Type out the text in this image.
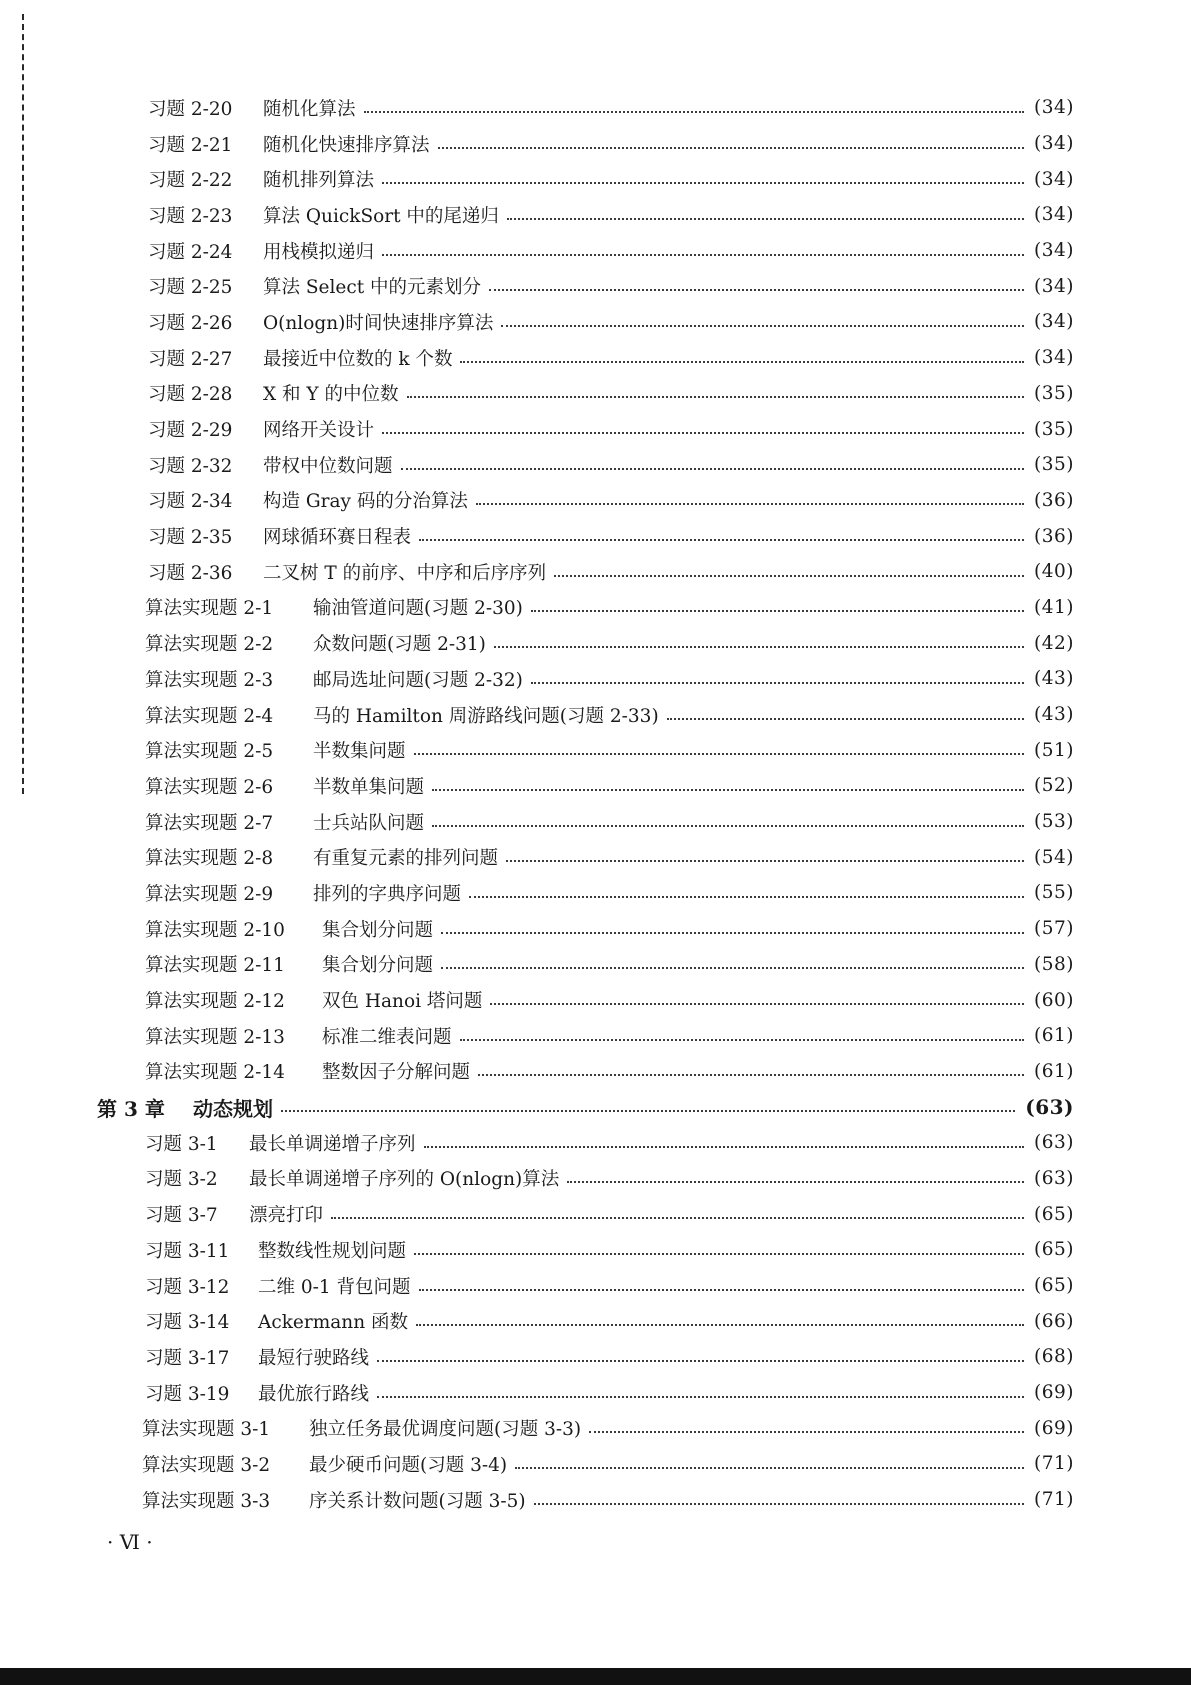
习题 2-20	随机化算法	(34)
习题 2-21	随机化快速排序算法	(34)
习题 2-22	随机排列算法	(34)
习题 2-23	算法 QuickSort 中的尾递归	(34)
习题 2-24	用栈模拟递归	(34)
习题 2-25	算法 Select 中的元素划分	(34)
习题 2-26	O(nlogn)时间快速排序算法	(34)
习题 2-27	最接近中位数的 k 个数	(34)
习题 2-28	X 和 Y 的中位数	(35)
习题 2-29	网络开关设计	(35)
习题 2-32	带权中位数问题	(35)
习题 2-34	构造 Gray 码的分治算法	(36)
习题 2-35	网球循环赛日程表	(36)
习题 2-36	二叉树 T 的前序、中序和后序序列	(40)
算法实现题 2-1	输油管道问题(习题 2-30)	(41)
算法实现题 2-2	众数问题(习题 2-31)	(42)
算法实现题 2-3	邮局选址问题(习题 2-32)	(43)
算法实现题 2-4	马的 Hamilton 周游路线问题(习题 2-33)	(43)
算法实现题 2-5	半数集问题	(51)
算法实现题 2-6	半数单集问题	(52)
算法实现题 2-7	士兵站队问题	(53)
算法实现题 2-8	有重复元素的排列问题	(54)
算法实现题 2-9	排列的字典序问题	(55)
算法实现题 2-10	集合划分问题	(57)
算法实现题 2-11	集合划分问题	(58)
算法实现题 2-12	双色 Hanoi 塔问题	(60)
算法实现题 2-13	标准二维表问题	(61)
算法实现题 2-14	整数因子分解问题	(61)
第 3 章	动态规划	(63)
习题 3-1	最长单调递增子序列	(63)
习题 3-2	最长单调递增子序列的 O(nlogn)算法	(63)
习题 3-7	漂亮打印	(65)
习题 3-11	整数线性规划问题	(65)
习题 3-12	二维 0-1 背包问题	(65)
习题 3-14	Ackermann 函数	(66)
习题 3-17	最短行驶路线	(68)
习题 3-19	最优旅行路线	(69)
算法实现题 3-1	独立任务最优调度问题(习题 3-3)	(69)
算法实现题 3-2	最少硬币问题(习题 3-4)	(71)
算法实现题 3-3	序关系计数问题(习题 3-5)	(71)
· Ⅵ ·
